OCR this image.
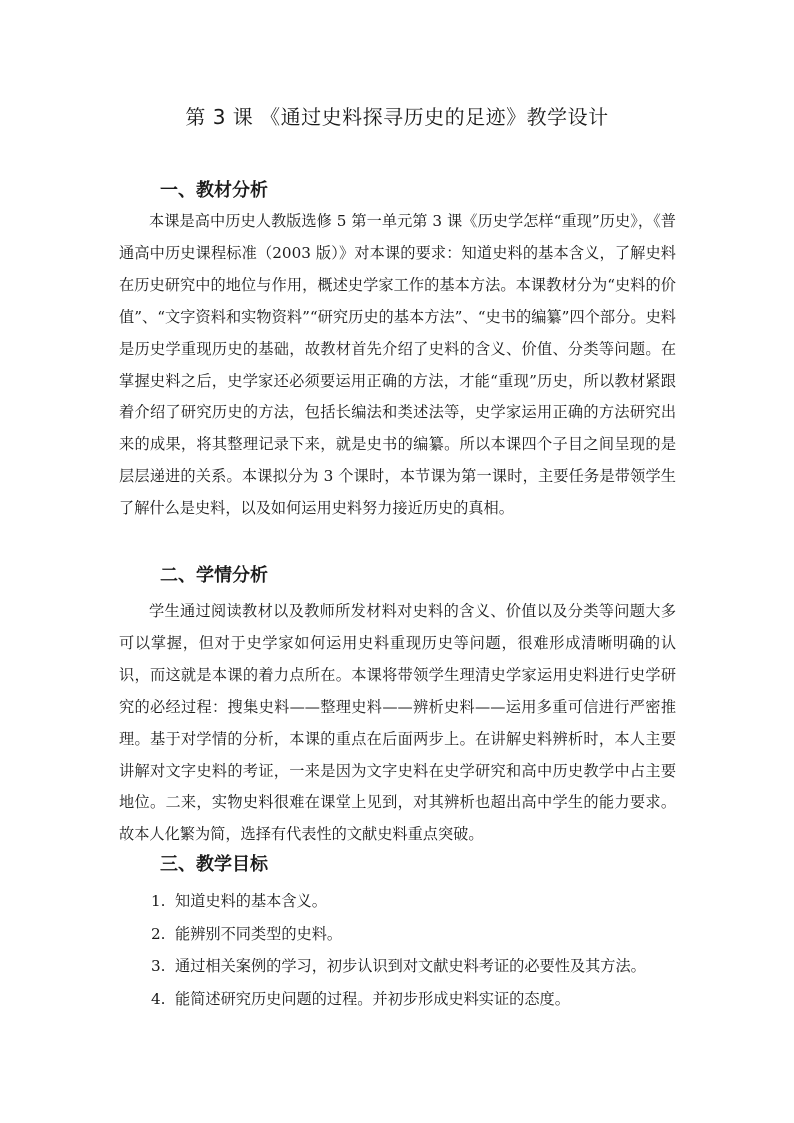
第 3 课 《通过史料探寻历史的足迹》教学设计
一、教材分析

本课是高中历史人教版选修 5 第一单元第 3 课《历史学怎样“重现”历史》，《普通高中历史课程标准（2003 版）》对本课的要求：知道史料的基本含义，了解史料在历史研究中的地位与作用，概述史学家工作的基本方法。本课教材分为“史料的价值”、“文字资料和实物资料”“研究历史的基本方法”、“史书的编纂”四个部分。史料是历史学重现历史的基础，故教材首先介绍了史料的含义、价值、分类等问题。在掌握史料之后，史学家还必须要运用正确的方法，才能“重现”历史，所以教材紧跟着介绍了研究历史的方法，包括长编法和类述法等，史学家运用正确的方法研究出来的成果，将其整理记录下来，就是史书的编纂。所以本课四个子目之间呈现的是层层递进的关系。本课拟分为 3 个课时，本节课为第一课时，主要任务是带领学生了解什么是史料，以及如何运用史料努力接近历史的真相。

二、学情分析

学生通过阅读教材以及教师所发材料对史料的含义、价值以及分类等问题大多可以掌握，但对于史学家如何运用史料重现历史等问题，很难形成清晰明确的认识，而这就是本课的着力点所在。本课将带领学生理清史学家运用史料进行史学研究的必经过程：搜集史料——整理史料——辨析史料——运用多重可信进行严密推理。基于对学情的分析，本课的重点在后面两步上。在讲解史料辨析时，本人主要讲解对文字史料的考证，一来是因为文字史料在史学研究和高中历史教学中占主要地位。二来，实物史料很难在课堂上见到，对其辨析也超出高中学生的能力要求。故本人化繁为简，选择有代表性的文献史料重点突破。

三、教学目标
1. 知道史料的基本含义。
2. 能辨别不同类型的史料。
3. 通过相关案例的学习，初步认识到对文献史料考证的必要性及其方法。
4. 能简述研究历史问题的过程。并初步形成史料实证的态度。
